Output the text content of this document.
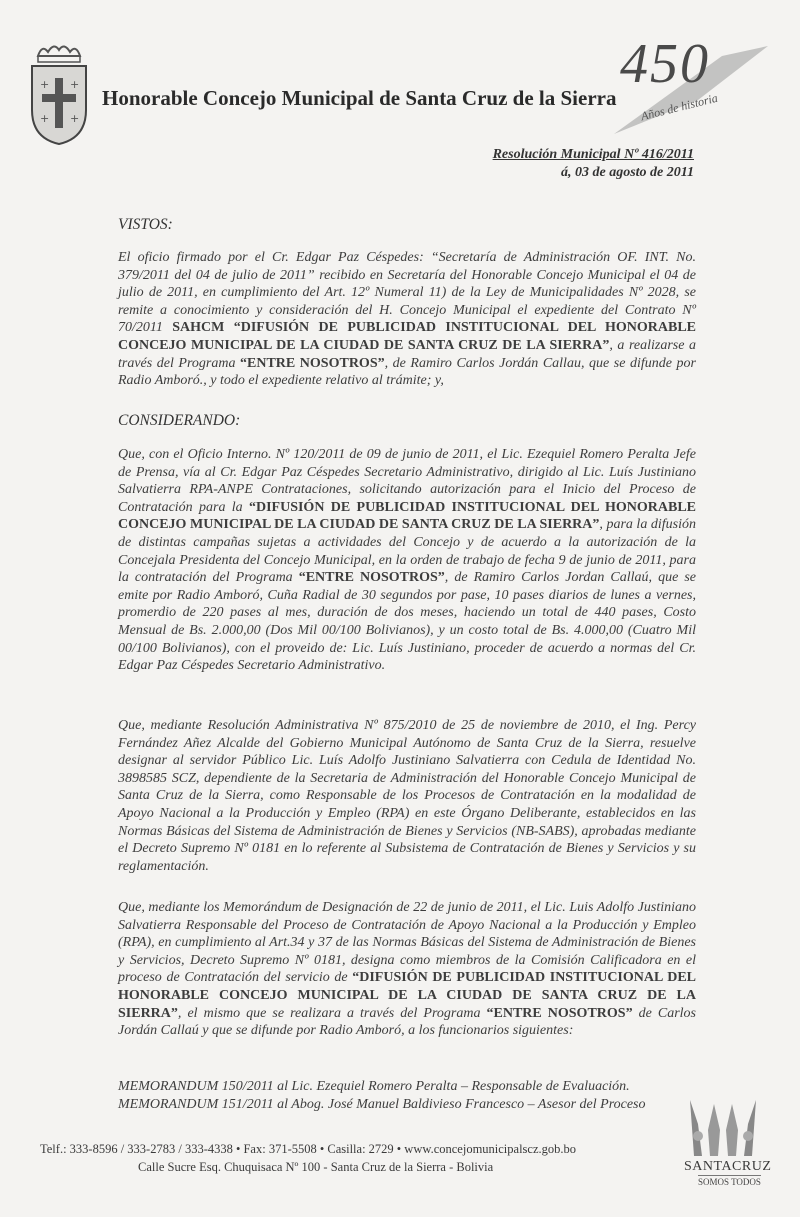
+ +
+ +
Honorable Concejo Municipal de Santa Cruz de la Sierra
450
Años de historia
Resolución Municipal Nº 416/2011
á, 03 de agosto de 2011
VISTOS:
El oficio firmado por el Cr. Edgar Paz Céspedes: “Secretaría de Administración OF. INT. No. 379/2011 del 04 de julio de 2011” recibido en Secretaría del Honorable Concejo Municipal el 04 de julio de 2011, en cumplimiento del Art. 12º Numeral 11) de la Ley de Municipalidades Nº 2028, se remite a conocimiento y consideración del H. Concejo Municipal el expediente del Contrato Nº 70/2011 SAHCM “DIFUSIÓN DE PUBLICIDAD INSTITUCIONAL DEL HONORABLE CONCEJO MUNICIPAL DE LA CIUDAD DE SANTA CRUZ DE LA SIERRA”, a realizarse a través del Programa “ENTRE NOSOTROS”, de Ramiro Carlos Jordán Callau, que se difunde por Radio Amboró., y todo el expediente relativo al trámite; y,
CONSIDERANDO:
Que, con el Oficio Interno. Nº 120/2011 de 09 de junio de 2011, el Lic. Ezequiel Romero Peralta Jefe de Prensa, vía al Cr. Edgar Paz Céspedes Secretario Administrativo, dirigido al Lic. Luís Justiniano Salvatierra RPA-ANPE Contrataciones, solicitando autorización para el Inicio del Proceso de Contratación para la “DIFUSIÓN DE PUBLICIDAD INSTITUCIONAL DEL HONORABLE CONCEJO MUNICIPAL DE LA CIUDAD DE SANTA CRUZ DE LA SIERRA”, para la difusión de distintas campañas sujetas a actividades del Concejo y de acuerdo a la autorización de la Concejala Presidenta del Concejo Municipal, en la orden de trabajo de fecha 9 de junio de 2011, para la contratación del Programa “ENTRE NOSOTROS”, de Ramiro Carlos Jordan Callaú, que se emite por Radio Amboró, Cuña Radial de 30 segundos por pase, 10 pases diarios de lunes a vernes, promerdio de 220 pases al mes, duración de dos meses, haciendo un total de 440 pases, Costo Mensual de Bs. 2.000,00 (Dos Mil 00/100 Bolivianos), y un costo total de Bs. 4.000,00 (Cuatro Mil 00/100 Bolivianos), con el proveido de: Lic. Luís Justiniano, proceder de acuerdo a normas del Cr. Edgar Paz Céspedes Secretario Administrativo.
Que, mediante Resolución Administrativa Nº 875/2010 de 25 de noviembre de 2010, el Ing. Percy Fernández Añez Alcalde del Gobierno Municipal Autónomo de Santa Cruz de la Sierra, resuelve designar al servidor Público Lic. Luís Adolfo Justiniano Salvatierra con Cedula de Identidad No. 3898585 SCZ, dependiente de la Secretaria de Administración del Honorable Concejo Municipal de Santa Cruz de la Sierra, como Responsable de los Procesos de Contratación en la modalidad de Apoyo Nacional a la Producción y Empleo (RPA) en este Órgano Deliberante, establecidos en las Normas Básicas del Sistema de Administración de Bienes y Servicios (NB-SABS), aprobadas mediante el Decreto Supremo Nº 0181 en lo referente al Subsistema de Contratación de Bienes y Servicios y su reglamentación.
Que, mediante los Memorándum de Designación de 22 de junio de 2011, el Lic. Luis Adolfo Justiniano Salvatierra Responsable del Proceso de Contratación de Apoyo Nacional a la Producción y Empleo (RPA), en cumplimiento al Art.34 y 37 de las Normas Básicas del Sistema de Administración de Bienes y Servicios, Decreto Supremo Nº 0181, designa como miembros de la Comisión Calificadora en el proceso de Contratación del servicio de “DIFUSIÓN DE PUBLICIDAD INSTITUCIONAL DEL HONORABLE CONCEJO MUNICIPAL DE LA CIUDAD DE SANTA CRUZ DE LA SIERRA”, el mismo que se realizara a través del Programa “ENTRE NOSOTROS” de Carlos Jordán Callaú y que se difunde por Radio Amboró, a los funcionarios siguientes:
MEMORANDUM 150/2011 al Lic. Ezequiel Romero Peralta – Responsable de Evaluación.
MEMORANDUM 151/2011 al Abog. José Manuel Baldivieso Francesco – Asesor del Proceso
Telf.: 333-8596 / 333-2783 / 333-4338 • Fax: 371-5508 • Casilla: 2729 • www.concejomunicipalscz.gob.bo
Calle Sucre Esq. Chuquisaca Nº 100 - Santa Cruz de la Sierra - Bolivia	SANTACRUZ
SOMOS TODOS
